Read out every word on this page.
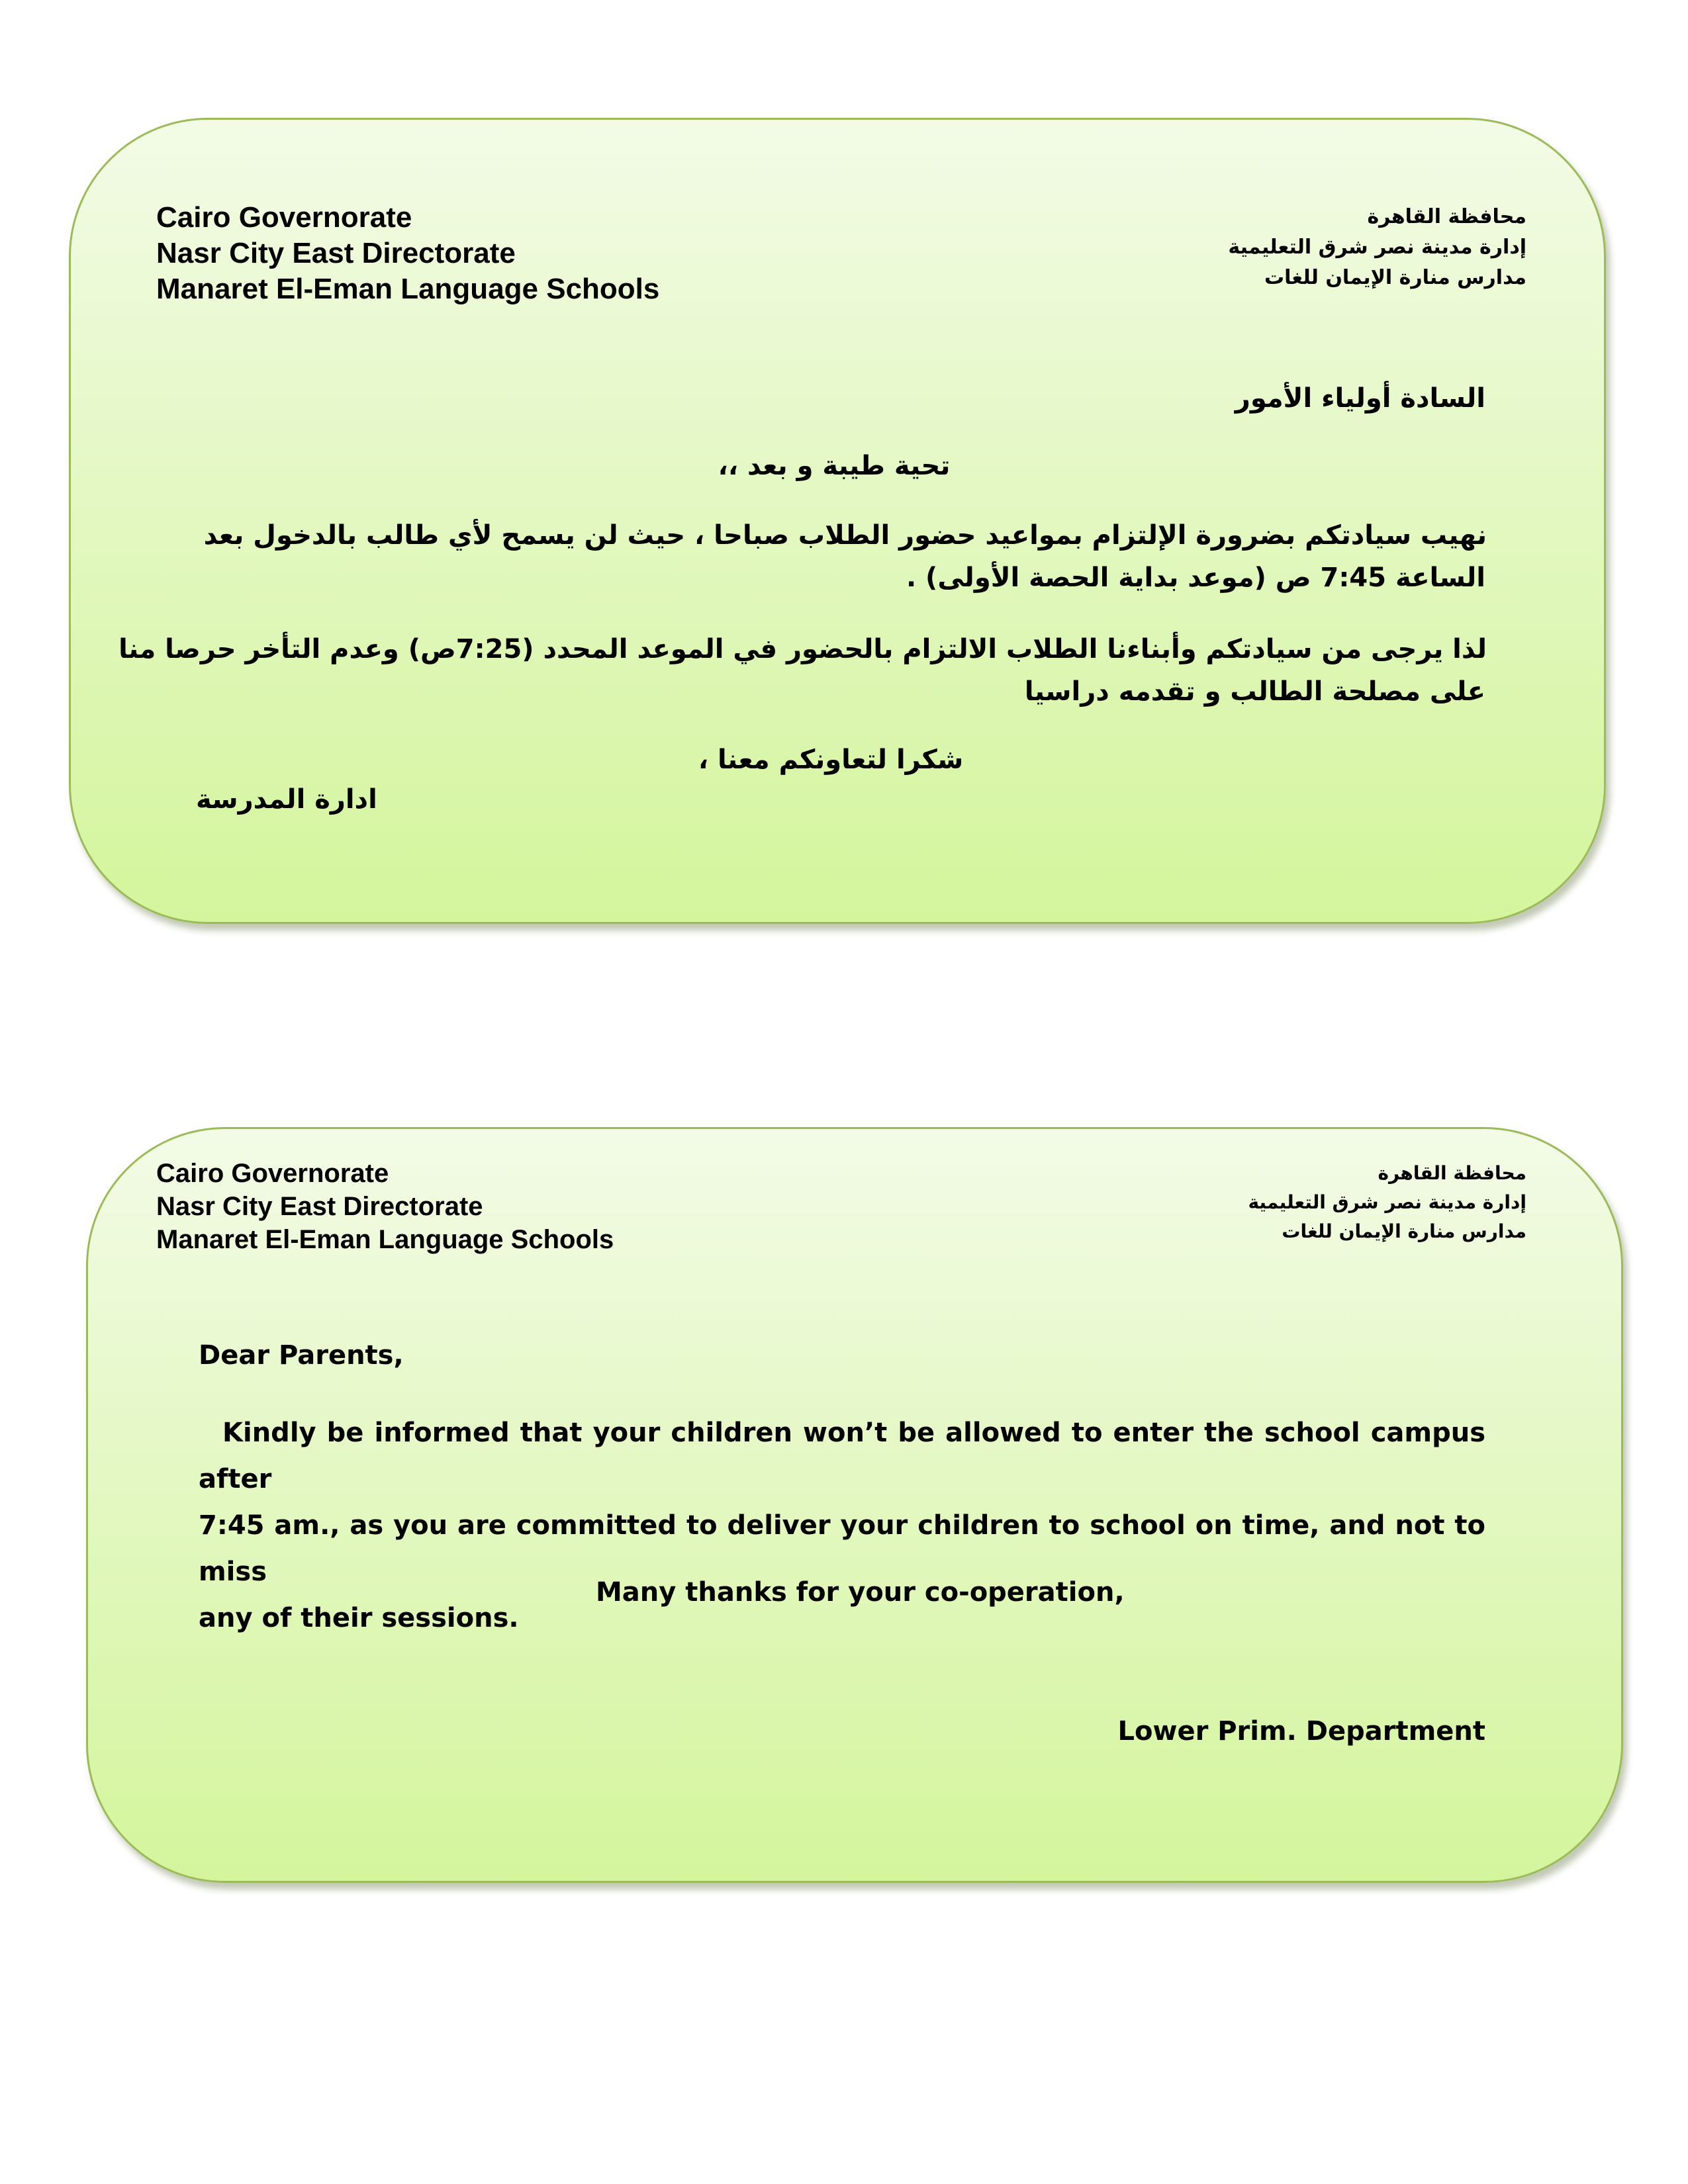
Cairo Governorate
Nasr City East Directorate
Manaret El-Eman Language Schools
محافظة القاهرة
إدارة مدينة نصر شرق التعليمية
مدارس منارة الإيمان للغات
السادة أولياء الأمور
تحية طيبة و بعد ،،
نهيب سيادتكم بضرورة الإلتزام بمواعيد حضور الطلاب صباحا ، حيث لن يسمح لأي طالب بالدخول بعد
الساعة 7:45 ص (موعد بداية الحصة الأولى) .
لذا يرجى من سيادتكم وأبناءنا الطلاب الالتزام بالحضور في الموعد المحدد (7:25ص) وعدم التأخر حرصا منا
على مصلحة الطالب و تقدمه دراسيا
شكرا لتعاونكم معنا ،
ادارة المدرسة
Cairo Governorate
Nasr City East Directorate
Manaret El-Eman Language Schools
محافظة القاهرة
إدارة مدينة نصر شرق التعليمية
مدارس منارة الإيمان للغات
Dear Parents,
Kindly be informed that your children won’t be allowed to enter the school campus after
7:45 am., as you are committed to deliver your children to school on time, and not to miss
any of their sessions.
Many thanks for your co-operation,
Lower Prim. Department
